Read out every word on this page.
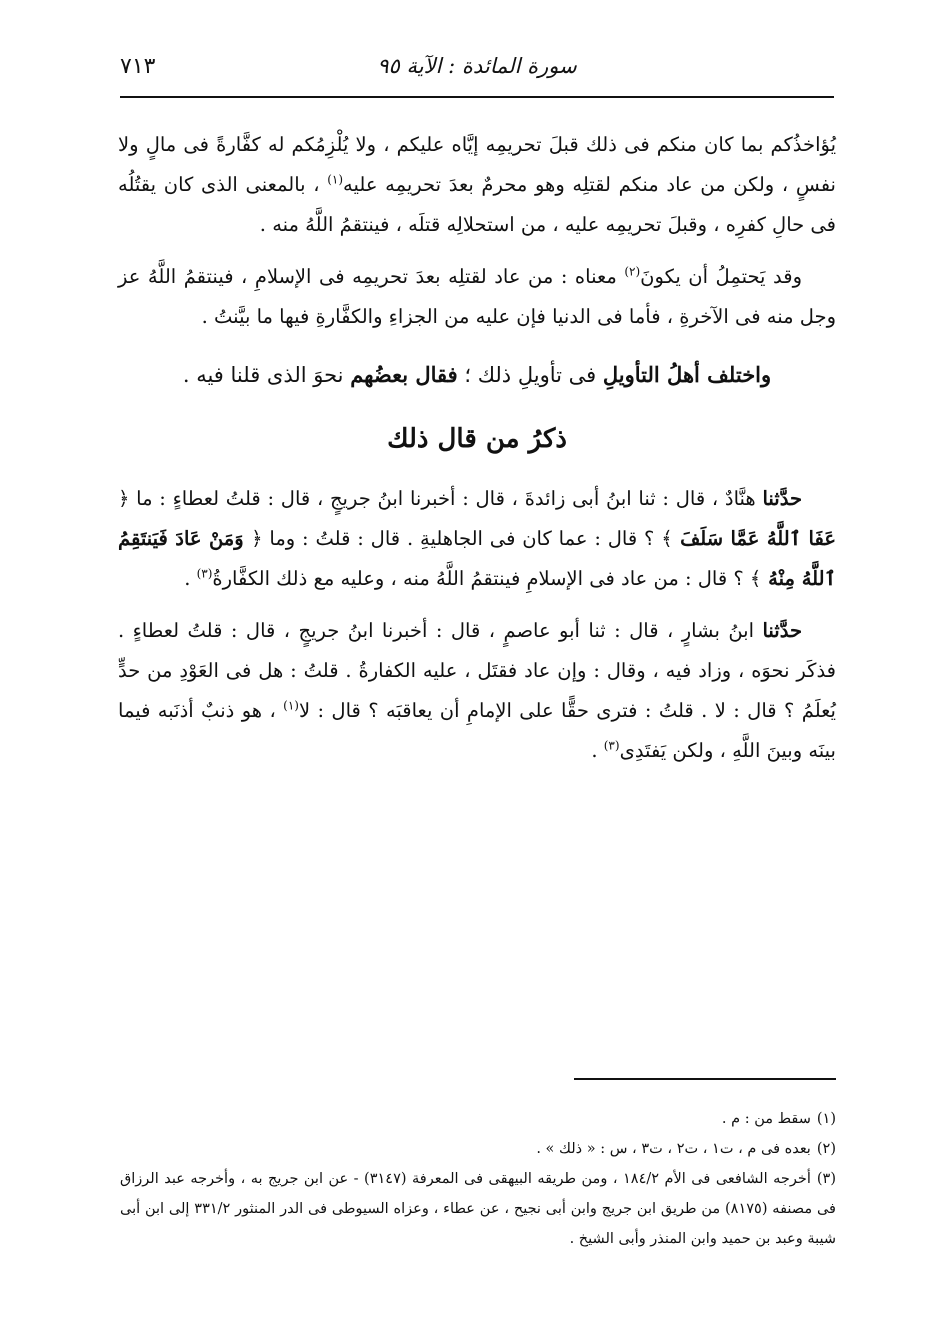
٧١٣	سورة المائدة : الآية ٩٥

يُؤاخذُكم بما كان منكم فى ذلك قبلَ تحريمِه إيَّاه عليكم ، ولا يُلْزِمُكم له كفَّارةً فى مالٍ ولا نفسٍ ، ولكن من عاد منكم لقتلِه وهو محرمٌ بعدَ تحريمِه عليه$^{(١)}$ ، بالمعنى الذى كان يقتُلُه فى حالِ كفرِه ، وقبلَ تحريمِه عليه ، من استحلالِه قتلَه ، فينتقمُ اللَّهُ منه .

وقد يَحتمِلُ أن يكونَ$^{(٢)}$ معناه : من عاد لقتلِه بعدَ تحريمِه فى الإسلامِ ، فينتقمُ اللَّهُ عز وجل منه فى الآخرةِ ، فأما فى الدنيا فإن عليه من الجزاءِ والكفَّارةِ فيها ما بيَّنتُ .

واختلف أهلُ التأويلِ فى تأويلِ ذلك ؛ فقال بعضُهم نحوَ الذى قلنا فيه .
ذكرُ من قال ذلك

حدَّثنا هنَّادٌ ، قال : ثنا ابنُ أبى زائدةَ ، قال : أخبرنا ابنُ جريجٍ ، قال : قلتُ لعطاءٍ : ما ﴿ عَفَا ٱللَّهُ عَمَّا سَلَفَ ﴾ ؟ قال : عما كان فى الجاهليةِ . قال : قلتُ : وما ﴿ وَمَنْ عَادَ فَيَنتَقِمُ ٱللَّهُ مِنْهُ ﴾ ؟ قال : من عاد فى الإسلامِ فينتقمُ اللَّهُ منه ، وعليه مع ذلك الكفَّارةُ$^{(٣)}$ .

حدَّثنا ابنُ بشارٍ ، قال : ثنا أبو عاصمٍ ، قال : أخبرنا ابنُ جريجٍ ، قال : قلتُ لعطاءٍ . فذكَر نحوَه ، وزاد فيه ، وقال : وإن عاد فقتَل ، عليه الكفارةُ . قلتُ : هل فى العَوْدِ من حدٍّ يُعلَمُ ؟ قال : لا . قلتُ : فترى حقًّا على الإمامِ أن يعاقبَه ؟ قال : لا$^{(١)}$ ، هو ذنبٌ أذنَبه فيما بينَه وبينَ اللَّهِ ، ولكن يَفتَدِى$^{(٣)}$ .

(١)سقط من : م .

(٢)بعده فى م ، ت١ ، ت٢ ، ت٣ ، س : « ذلك » .

(٣)أخرجه الشافعى فى الأم ١٨٤/٢ ، ومن طريقه البيهقى فى المعرفة (٣١٤٧) - عن ابن جريج به ، وأخرجه عبد الرزاق فى مصنفه (٨١٧٥) من طريق ابن جريج وابن أبى نجيح ، عن عطاء ، وعزاه السيوطى فى الدر المنثور ٣٣١/٢ إلى ابن أبى شيبة وعبد بن حميد وابن المنذر وأبى الشيخ .
